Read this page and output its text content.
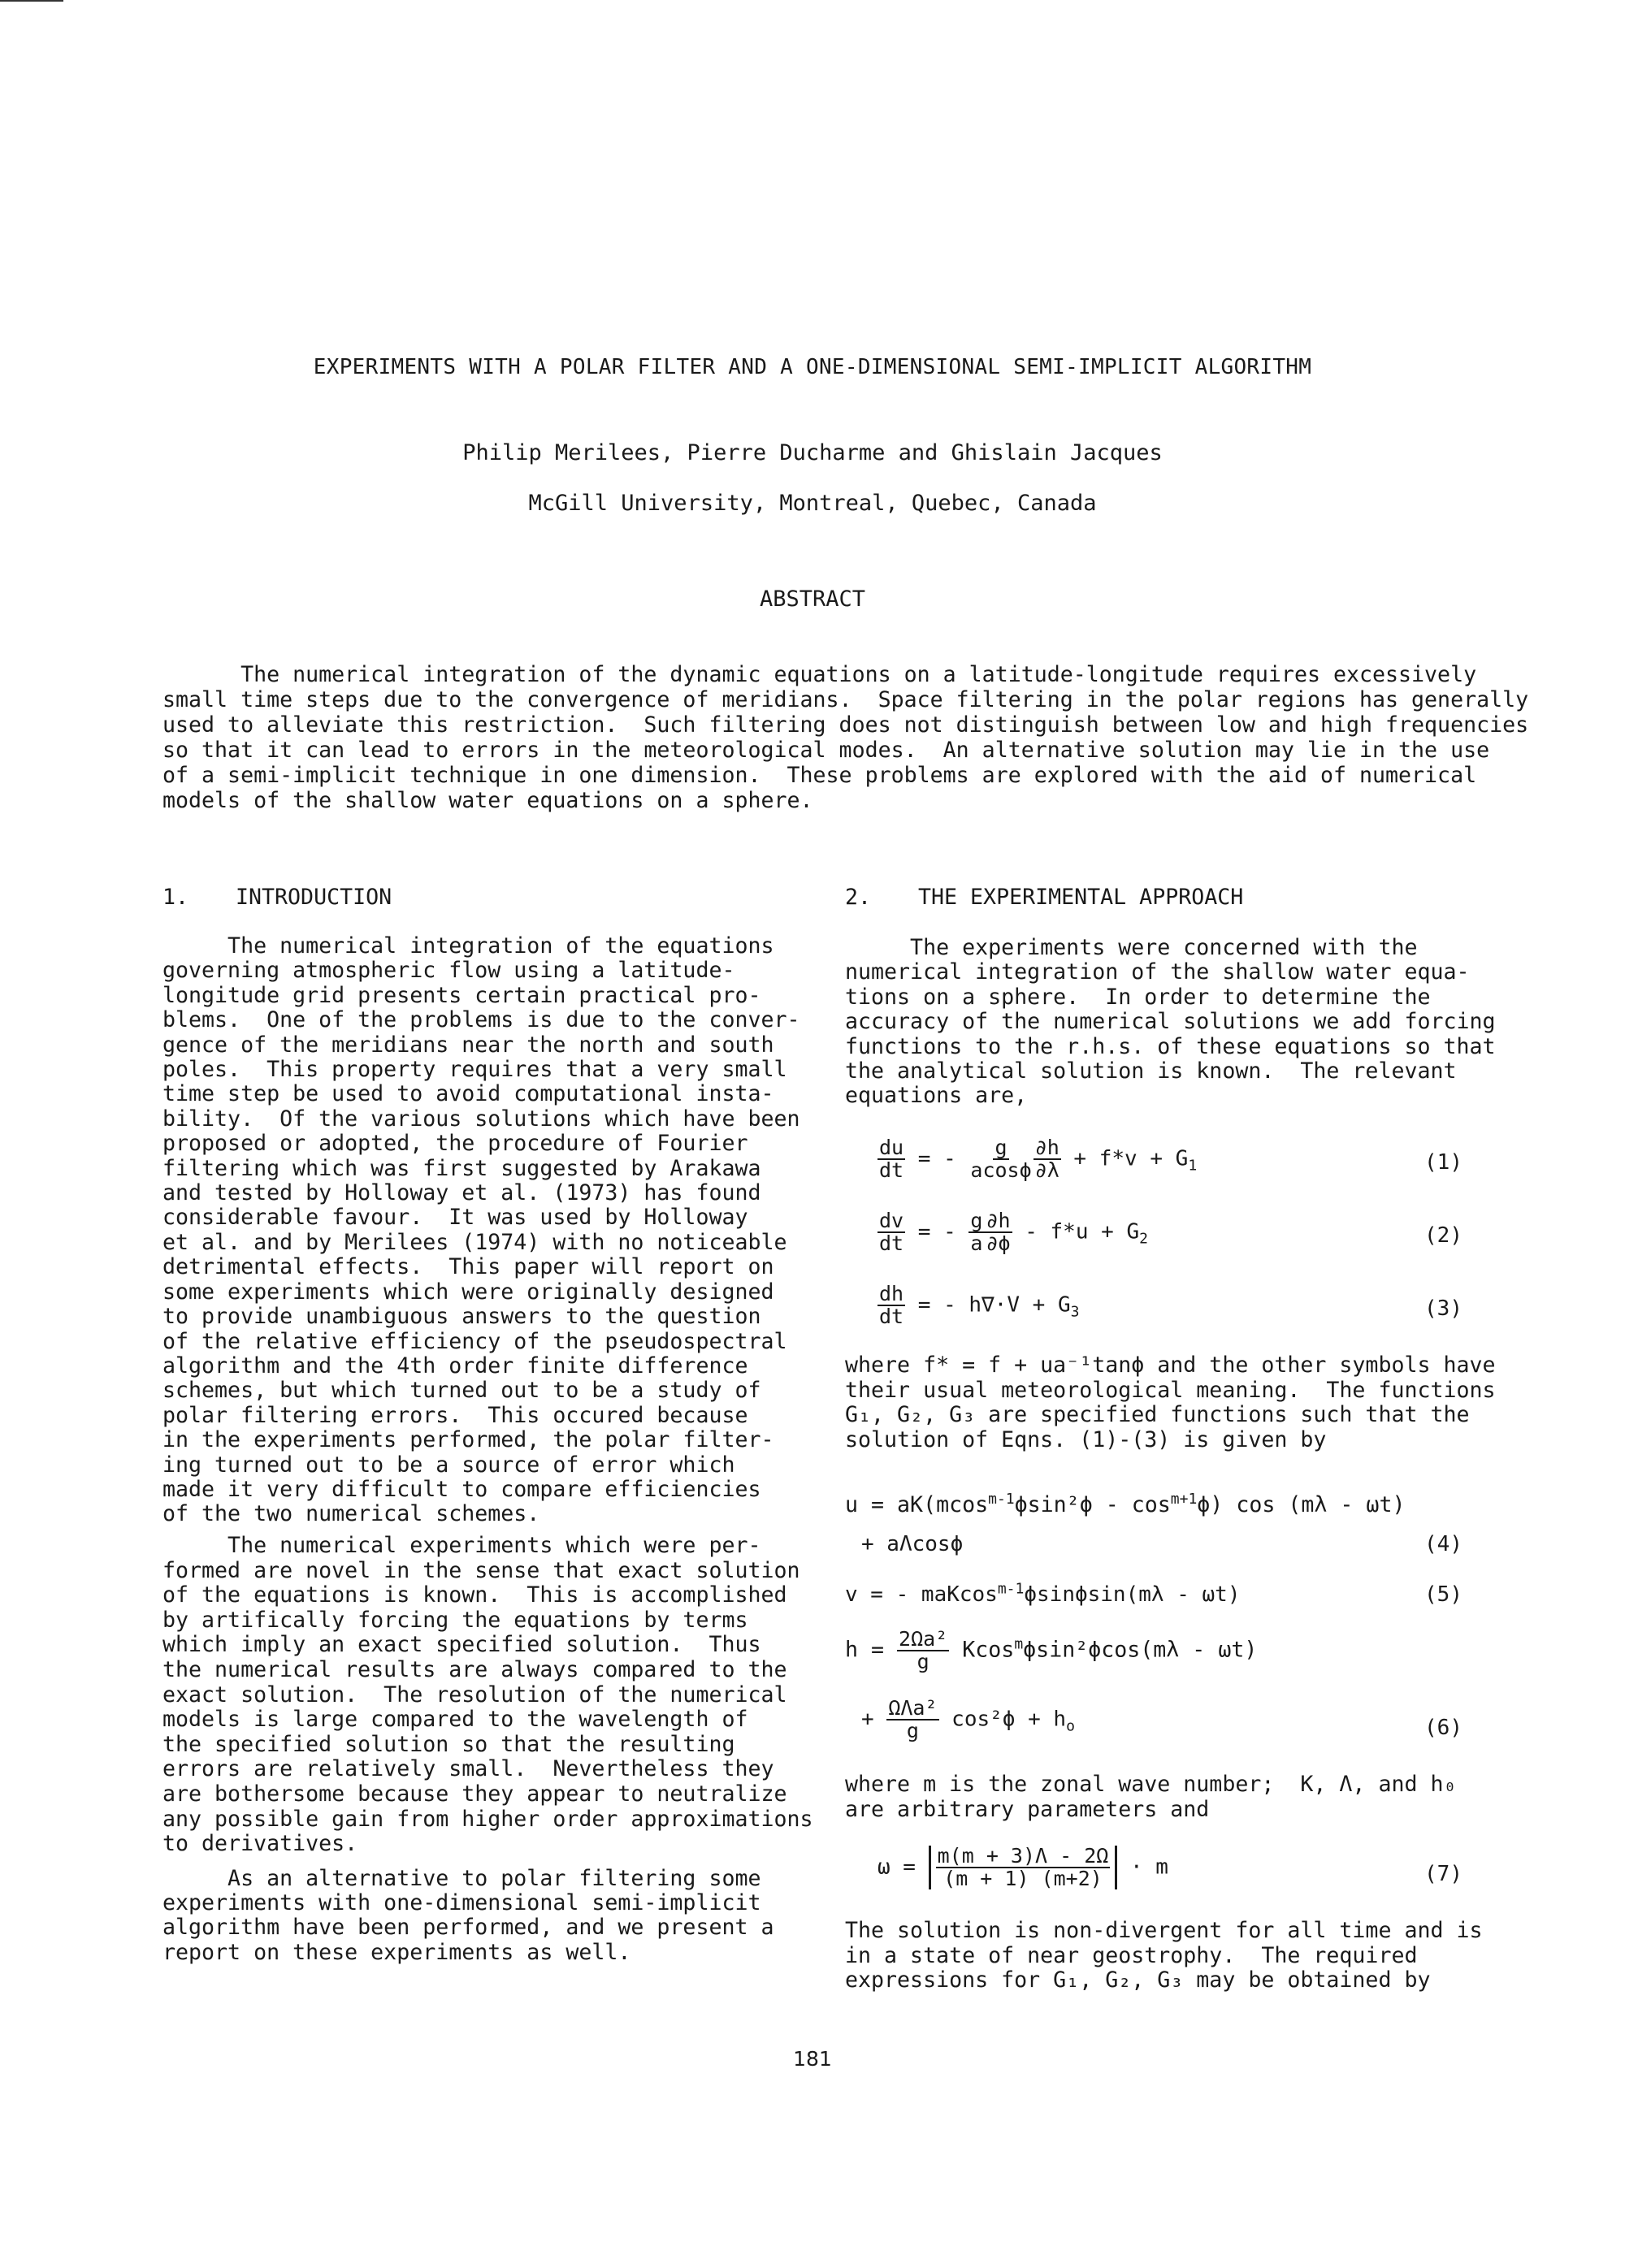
EXPERIMENTS WITH A POLAR FILTER AND A ONE-DIMENSIONAL SEMI-IMPLICIT ALGORITHM
Philip Merilees, Pierre Ducharme and Ghislain Jacques
McGill University, Montreal, Quebec, Canada
ABSTRACT
The numerical integration of the dynamic equations on a latitude-longitude requires excessively
small time steps due to the convergence of meridians.  Space filtering in the polar regions has generally
used to alleviate this restriction.  Such filtering does not distinguish between low and high frequencies
so that it can lead to errors in the meteorological modes.  An alternative solution may lie in the use
of a semi-implicit technique in one dimension.  These problems are explored with the aid of numerical
models of the shallow water equations on a sphere.
1. INTRODUCTION
The numerical integration of the equations
governing atmospheric flow using a latitude-
longitude grid presents certain practical pro-
blems.  One of the problems is due to the conver-
gence of the meridians near the north and south
poles.  This property requires that a very small
time step be used to avoid computational insta-
bility.  Of the various solutions which have been
proposed or adopted, the procedure of Fourier
filtering which was first suggested by Arakawa
and tested by Holloway et al. (1973) has found
considerable favour.  It was used by Holloway
et al. and by Merilees (1974) with no noticeable
detrimental effects.  This paper will report on
some experiments which were originally designed
to provide unambiguous answers to the question
of the relative efficiency of the pseudospectral
algorithm and the 4th order finite difference
schemes, but which turned out to be a study of
polar filtering errors.  This occured because
in the experiments performed, the polar filter-
ing turned out to be a source of error which
made it very difficult to compare efficiencies
of the two numerical schemes.
The numerical experiments which were per-
formed are novel in the sense that exact solution
of the equations is known.  This is accomplished
by artifically forcing the equations by terms
which imply an exact specified solution.  Thus
the numerical results are always compared to the
exact solution.  The resolution of the numerical
models is large compared to the wavelength of
the specified solution so that the resulting
errors are relatively small.  Nevertheless they
are bothersome because they appear to neutralize
any possible gain from higher order approximations
to derivatives.
As an alternative to polar filtering some
experiments with one-dimensional semi-implicit
algorithm have been performed, and we present a
report on these experiments as well.
2. THE EXPERIMENTAL APPROACH
The experiments were concerned with the
numerical integration of the shallow water equa-
tions on a sphere.  In order to determine the
accuracy of the numerical solutions we add forcing
functions to the r.h.s. of these equations so that
the analytical solution is known.  The relevant
equations are,
$\frac{du}{dt}$ = - $\frac{g}{acos\phi} \frac{\partial h}{\partial\lambda} + f*v + G_1$	(1)
$\frac{dv}{dt}$ = - $\frac{g}{a} \frac{\partial h}{\partial\phi} - f*u + G_2$	(2)
$\frac{dh}{dt}$ = - $h\nabla\cdot V + G_3$	(3)
where f* = f + ua⁻¹tanϕ and the other symbols have
their usual meteorological meaning.  The functions
G₁, G₂, G₃ are specified functions such that the
solution of Eqns. (1)-(3) is given by
$u = aK(mcos^{m-1}\phi\sin^2\phi - \cos^{m+1}\phi)$ cos (mλ - ωt)
+ aΛcosϕ	(4)
v = - maKcos$^{m-1}$ϕsinϕsin(mλ - ωt)	(5)
$h = \frac{\text{2Ωa²}}{g} Kcos^m\phi\sin^2\phi\cos(m\lambda - \omega t)$
+ $\frac{\text{ΩΛa²}}{g} \cos^2\phi + h_o$	(6)
where m is the zonal wave number;  K, Λ, and h₀
are arbitrary parameters and
$\omega = \frac{m(m + 3)\Lambda - 2\Omega}{(m + 1) (m+2)} \cdot m$	(7)
The solution is non-divergent for all time and is
in a state of near geostrophy.  The required
expressions for G₁, G₂, G₃ may be obtained by
181
